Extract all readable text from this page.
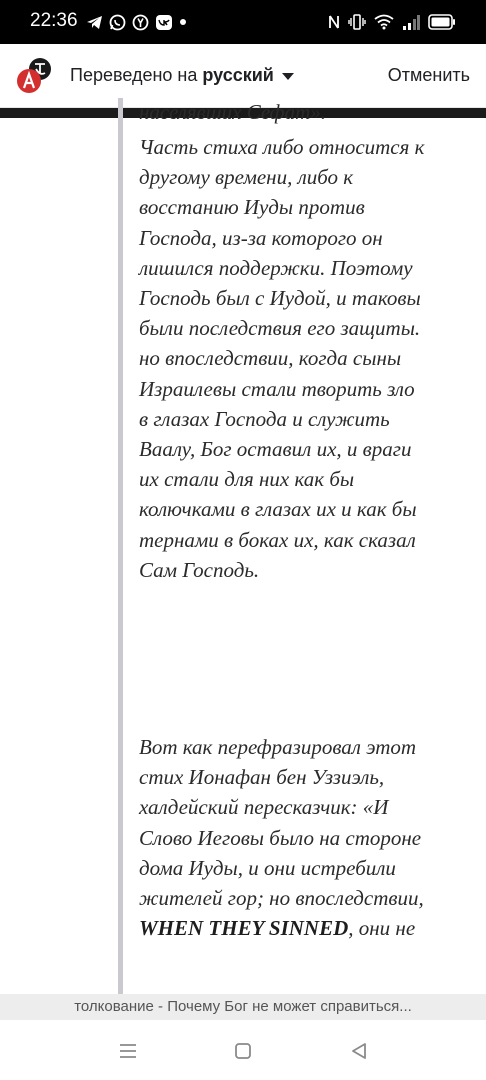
22:36
Переведено на русский	Отменить

населявших Сефат».

Часть стиха либо относится к другому времени, либо к восстанию Иуды против Господа, из-за которого он лишился поддержки. Поэтому Господь был с Иудой, и таковы были последствия его защиты. но впоследствии, когда сыны Израилевы стали творить зло в глазах Господа и служить Ваалу, Бог оставил их, и враги их стали для них как бы колючками в глазах их и как бы тернами в боках их, как сказал Сам Господь.

Вот как перефразировал этот стих Ионафан бен Уззиэль, халдейский пересказчик: «И Слово Иеговы было на стороне дома Иуды, и они истребили жителей гор; но впоследствии, WHEN THEY SINNED, они не

толкование - Почему Бог не может справиться...
